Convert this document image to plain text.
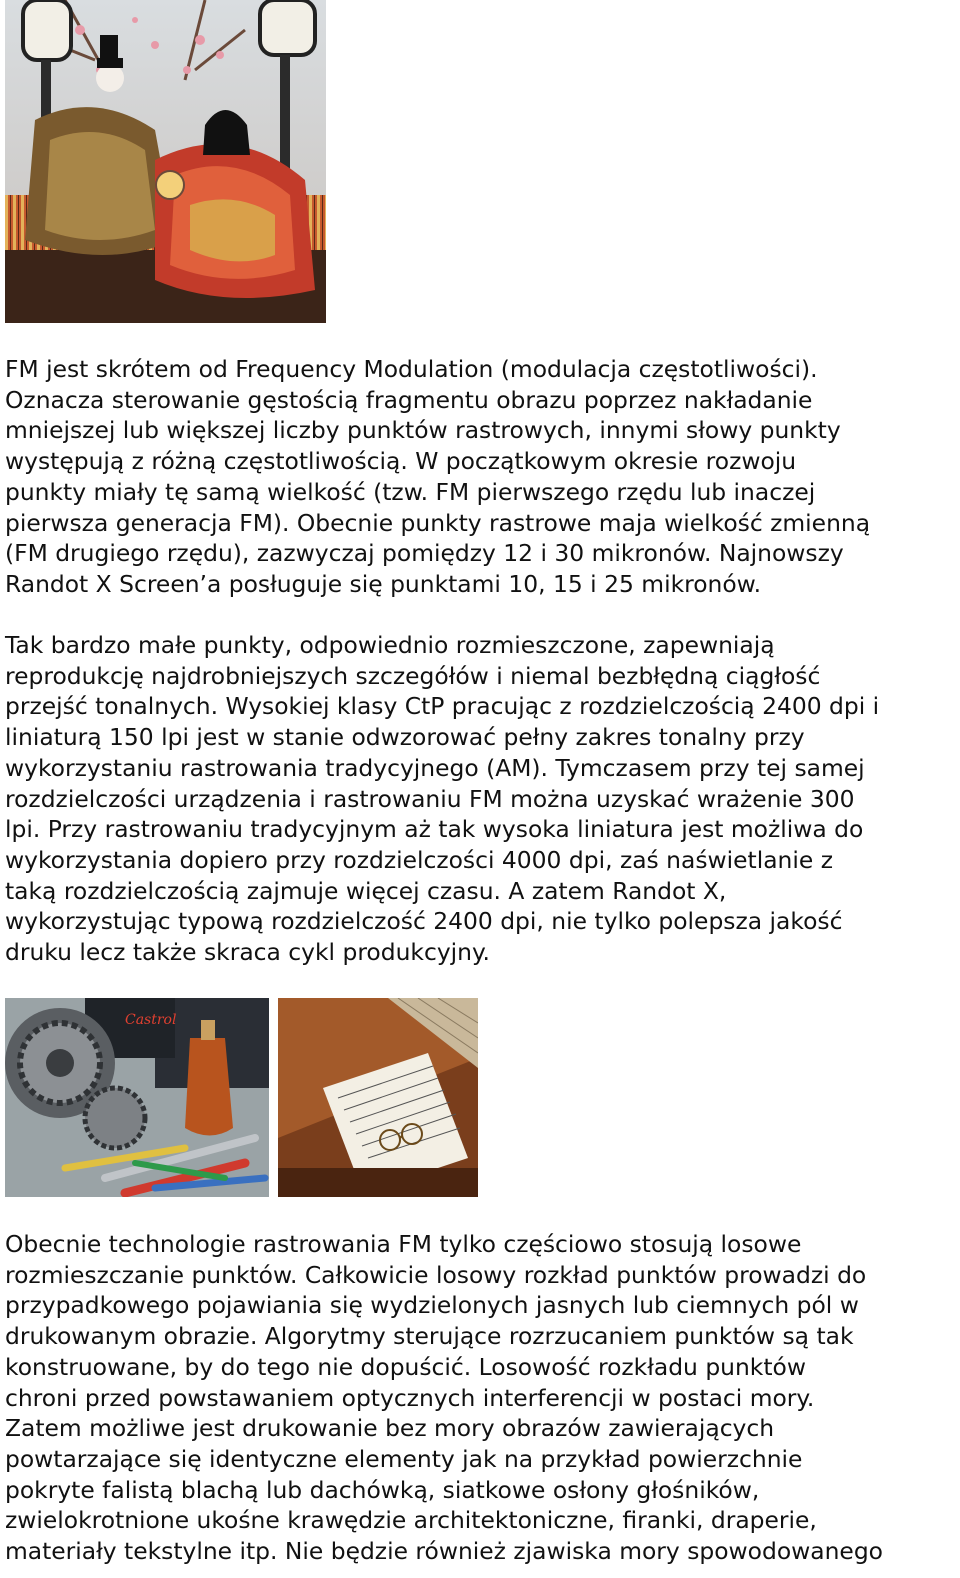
FM jest skrótem od Frequency Modulation (modulacja częstotliwości).
Oznacza sterowanie gęstością fragmentu obrazu poprzez nakładanie
mniejszej lub większej liczby punktów rastrowych, innymi słowy punkty
występują z różną częstotliwością. W początkowym okresie rozwoju
punkty miały tę samą wielkość (tzw. FM pierwszego rzędu lub inaczej
pierwsza generacja FM). Obecnie punkty rastrowe maja wielkość zmienną
(FM drugiego rzędu), zazwyczaj pomiędzy 12 i 30 mikronów. Najnowszy
Randot X Screen’a posługuje się punktami 10, 15 i 25 mikronów.
Tak bardzo małe punkty, odpowiednio rozmieszczone, zapewniają
reprodukcję najdrobniejszych szczegółów i niemal bezbłędną ciągłość
przejść tonalnych. Wysokiej klasy CtP pracując z rozdzielczością 2400 dpi i
liniaturą 150 lpi jest w stanie odwzorować pełny zakres tonalny przy
wykorzystaniu rastrowania tradycyjnego (AM). Tymczasem przy tej samej
rozdzielczości urządzenia i rastrowaniu FM można uzyskać wrażenie 300
lpi. Przy rastrowaniu tradycyjnym aż tak wysoka liniatura jest możliwa do
wykorzystania dopiero przy rozdzielczości 4000 dpi, zaś naświetlanie z
taką rozdzielczością zajmuje więcej czasu. A zatem Randot X,
wykorzystując typową rozdzielczość 2400 dpi, nie tylko polepsza jakość
druku lecz także skraca cykl produkcyjny.
Castrol
Obecnie technologie rastrowania FM tylko częściowo stosują losowe
rozmieszczanie punktów. Całkowicie losowy rozkład punktów prowadzi do
przypadkowego pojawiania się wydzielonych jasnych lub ciemnych pól w
drukowanym obrazie. Algorytmy sterujące rozrzucaniem punktów są tak
konstruowane, by do tego nie dopuścić. Losowość rozkładu punktów
chroni przed powstawaniem optycznych interferencji w postaci mory.
Zatem możliwe jest drukowanie bez mory obrazów zawierających
powtarzające się identyczne elementy jak na przykład powierzchnie
pokryte falistą blachą lub dachówką, siatkowe osłony głośników,
zwielokrotnione ukośne krawędzie architektoniczne, firanki, draperie,
materiały tekstylne itp. Nie będzie również zjawiska mory spowodowanego
